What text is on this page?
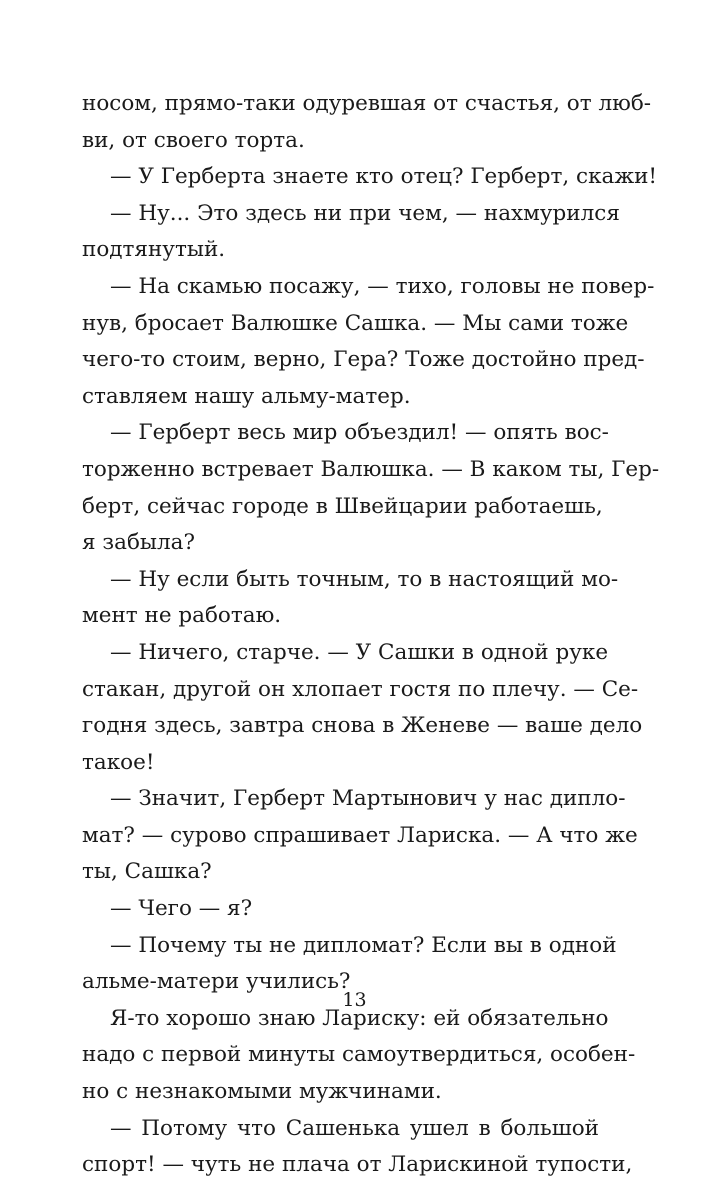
носом, прямо-таки одуревшая от счастья, от люб-
ви, от своего торта.
— У Герберта знаете кто отец? Герберт, скажи!
— Ну... Это здесь ни при чем, — нахмурился
подтянутый.
— На скамью посажу, — тихо, головы не повер-
нув, бросает Валюшке Сашка. — Мы сами тоже
чего-то стоим, верно, Гера? Тоже достойно пред-
ставляем нашу альму-матер.
— Герберт весь мир объездил! — опять вос-
торженно встревает Валюшка. — В каком ты, Гер-
берт, сейчас городе в Швейцарии работаешь,
я забыла?
— Ну если быть точным, то в настоящий мо-
мент не работаю.
— Ничего, старче. — У Сашки в одной руке
стакан, другой он хлопает гостя по плечу. — Се-
годня здесь, завтра снова в Женеве — ваше дело
такое!
— Значит, Герберт Мартынович у нас дипло-
мат? — сурово спрашивает Лариска. — А что же
ты, Сашка?
— Чего — я?
— Почему ты не дипломат? Если вы в одной
альме-матери учились?
Я-то хорошо знаю Лариску: ей обязательно
надо с первой минуты самоутвердиться, особен-
но с незнакомыми мужчинами.
— Потому что Сашенька ушел в большой
спорт! — чуть не плача от Ларискиной тупости,
13
